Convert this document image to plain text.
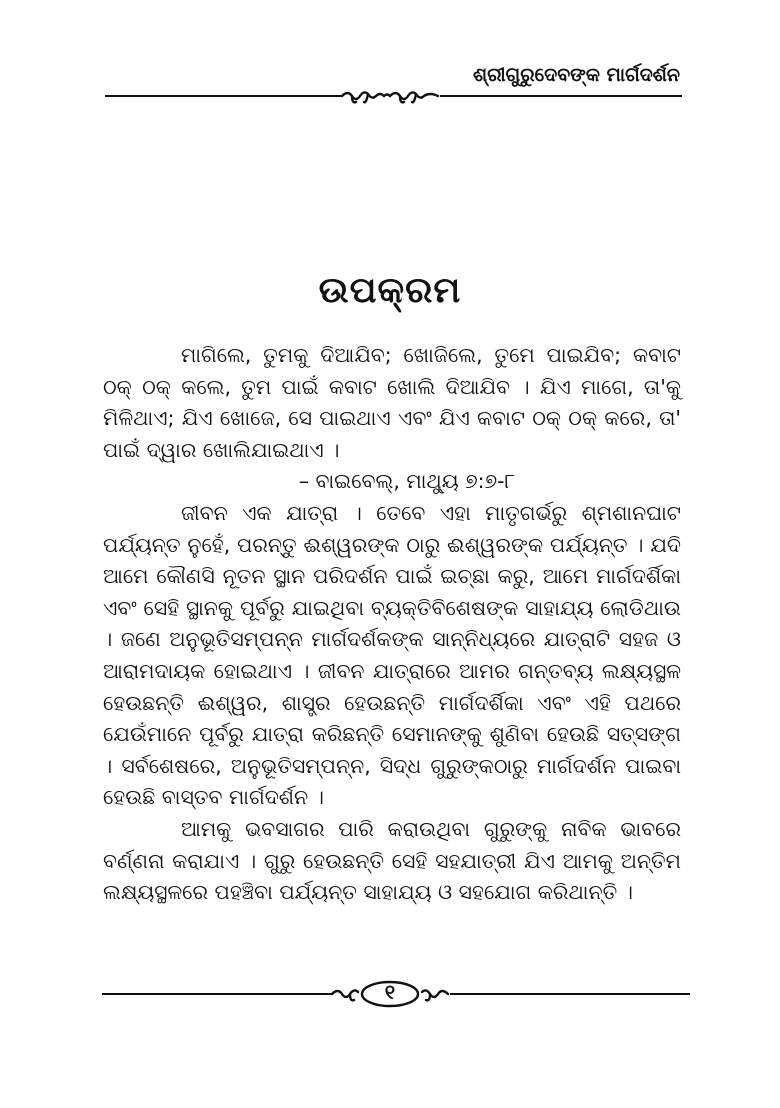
ଶ୍ରୀଗୁରୁଦେବଙ୍କ ମାର୍ଗଦର୍ଶନ
ଉପକ୍ରମ

ମାଗିଲେ, ତୁମକୁ ଦିଆଯିବ; ଖୋଜିଲେ, ତୁମେ ପାଇଯିବ; କବାଟ ଠକ୍ ଠକ୍ କଲେ, ତୁମ ପାଇଁ କବାଟ ଖୋଲି ଦିଆଯିବ । ଯିଏ ମାଗେ, ତା'କୁ ମିଳିଥାଏ; ଯିଏ ଖୋଜେ, ସେ ପାଇଥାଏ ଏବଂ ଯିଏ କବାଟ ଠକ୍ ଠକ୍ କରେ, ତା' ପାଇଁ ଦ୍ୱାର ଖୋଲିଯାଇଥାଏ ।

– ବାଇବେଲ୍, ମାଥ୍ୟୁ ୭:୭-୮

ଜୀବନ ଏକ ଯାତ୍ରା । ତେବେ ଏହା ମାତୃଗର୍ଭରୁ ଶ୍ମଶାନଘାଟ ପର୍ଯ୍ୟନ୍ତ ନୁହେଁ, ପରନ୍ତୁ ଈଶ୍ୱରଙ୍କ ଠାରୁ ଈଶ୍ୱରଙ୍କ ପର୍ଯ୍ୟନ୍ତ । ଯଦି ଆମେ କୌଣସି ନୂତନ ସ୍ଥାନ ପରିଦର୍ଶନ ପାଇଁ ଇଚ୍ଛା କରୁ, ଆମେ ମାର୍ଗଦର୍ଶିକା ଏବଂ ସେହି ସ୍ଥାନକୁ ପୂର୍ବରୁ ଯାଇଥିବା ବ୍ୟକ୍ତିବିଶେଷଙ୍କ ସାହାଯ୍ୟ ଲୋଡିଥାଉ । ଜଣେ ଅନୁଭୂତିସମ୍ପନ୍ନ ମାର୍ଗଦର୍ଶକଙ୍କ ସାନ୍ନିଧ୍ୟରେ ଯାତ୍ରାଟି ସହଜ ଓ ଆରାମଦାୟକ ହୋଇଥାଏ । ଜୀବନ ଯାତ୍ରାରେ ଆମର ଗନ୍ତବ୍ୟ ଲକ୍ଷ୍ୟସ୍ଥଳ ହେଉଛନ୍ତି ଈଶ୍ୱର, ଶାସ୍ତ୍ର ହେଉଛନ୍ତି ମାର୍ଗଦର୍ଶିକା ଏବଂ ଏହି ପଥରେ ଯେଉଁମାନେ ପୂର୍ବରୁ ଯାତ୍ରା କରିଛନ୍ତି ସେମାନଙ୍କୁ ଶୁଣିବା ହେଉଛି ସତ୍‌ସଙ୍ଗ । ସର୍ବଶେଷରେ, ଅନୁଭୂତିସମ୍ପନ୍ନ, ସିଦ୍ଧ ଗୁରୁଙ୍କଠାରୁ ମାର୍ଗଦର୍ଶନ ପାଇବା ହେଉଛି ବାସ୍ତବ ମାର୍ଗଦର୍ଶନ ।

ଆମକୁ ଭବସାଗର ପାରି କରାଉଥିବା ଗୁରୁଙ୍କୁ ନାବିକ ଭାବରେ ବର୍ଣ୍ଣନା କରାଯାଏ । ଗୁରୁ ହେଉଛନ୍ତି ସେହି ସହଯାତ୍ରୀ ଯିଏ ଆମକୁ ଅନ୍ତିମ ଲକ୍ଷ୍ୟସ୍ଥଳରେ ପହଞ୍ଚିବା ପର୍ଯ୍ୟନ୍ତ ସାହାଯ୍ୟ ଓ ସହଯୋଗ କରିଥାନ୍ତି ।

୧
